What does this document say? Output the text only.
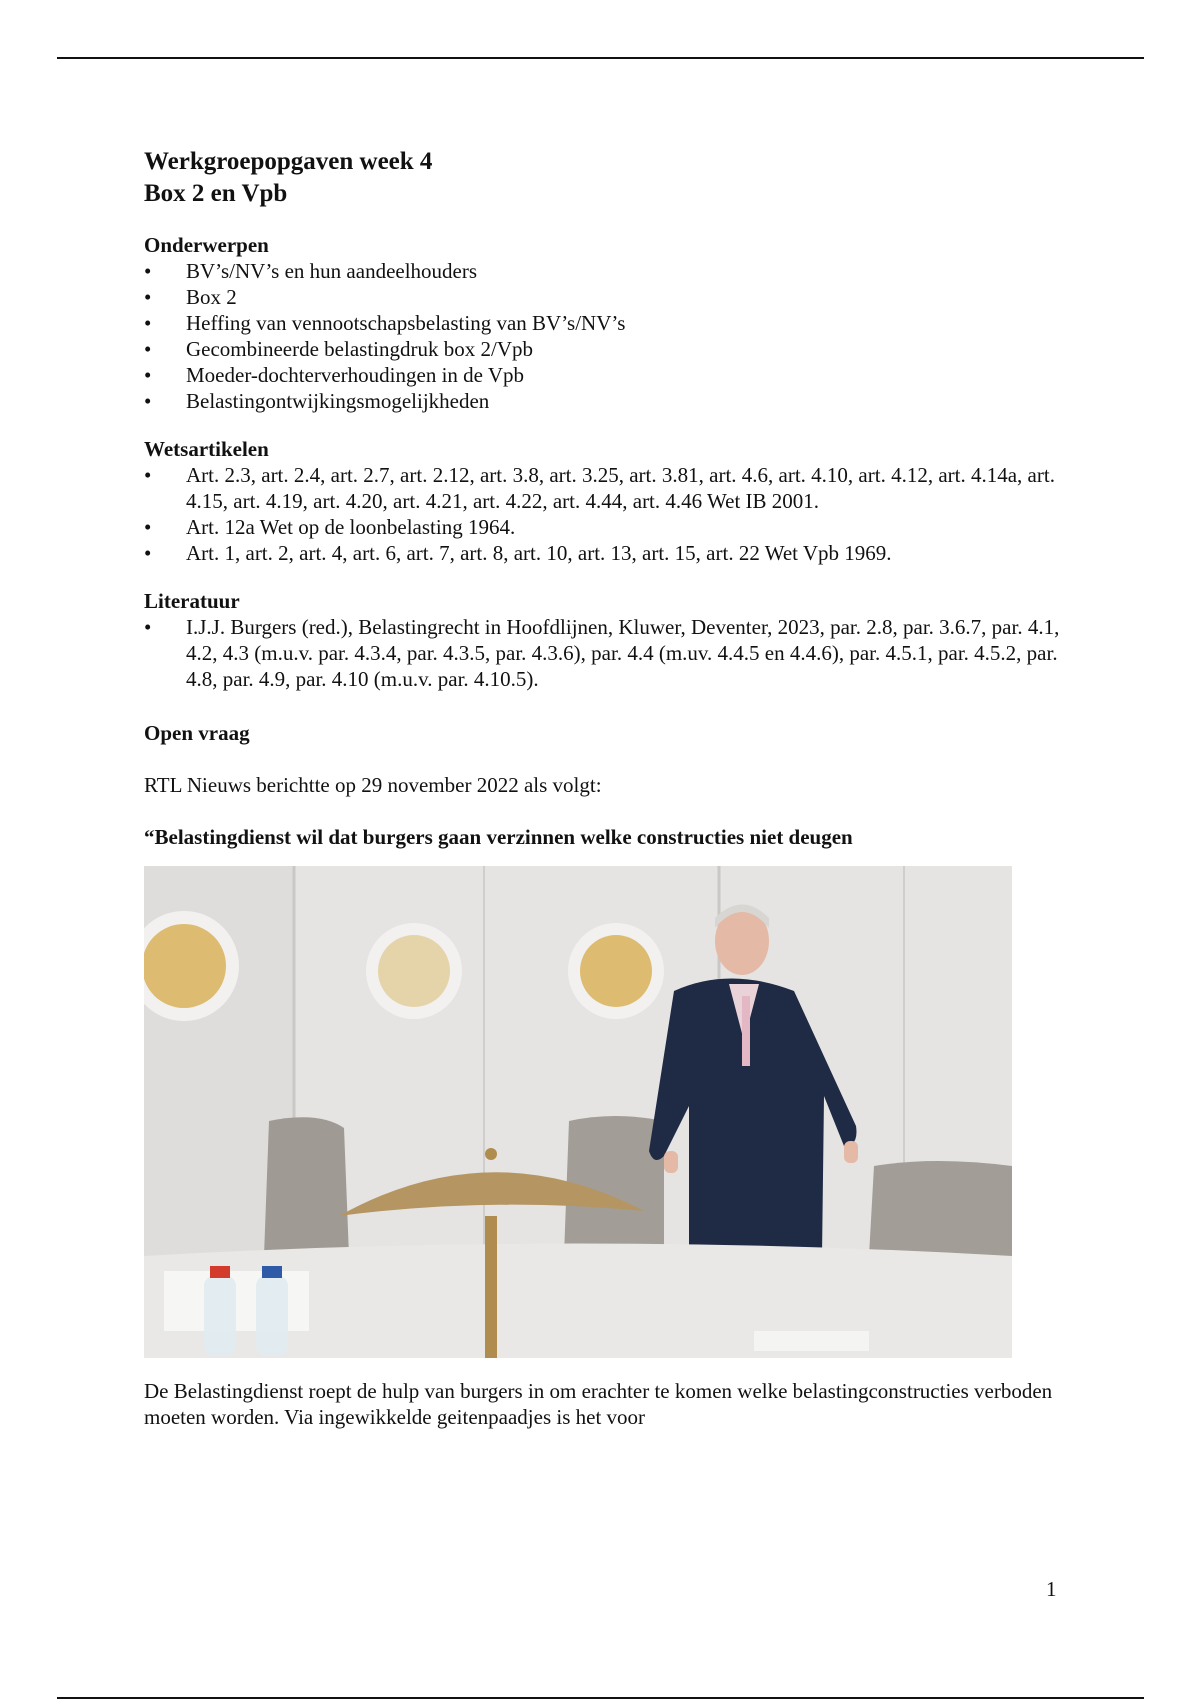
Werkgroepopgaven week 4
Box 2 en Vpb
Onderwerpen
•	BV’s/NV’s en hun aandeelhouders
•	Box 2
•	Heffing van vennootschapsbelasting van BV’s/NV’s
•	Gecombineerde belastingdruk box 2/Vpb
•	Moeder-dochterverhoudingen in de Vpb
•	Belastingontwijkingsmogelijkheden
Wetsartikelen
•	Art. 2.3, art. 2.4, art. 2.7, art. 2.12, art. 3.8, art. 3.25, art. 3.81, art. 4.6, art. 4.10, art. 4.12, art. 4.14a, art. 4.15, art. 4.19, art. 4.20, art. 4.21, art. 4.22, art. 4.44, art. 4.46 Wet IB 2001.
•	Art. 12a Wet op de loonbelasting 1964.
•	Art. 1, art. 2, art. 4, art. 6, art. 7, art. 8, art. 10, art. 13, art. 15, art. 22 Wet Vpb 1969.
Literatuur
•	I.J.J. Burgers (red.), Belastingrecht in Hoofdlijnen, Kluwer, Deventer, 2023, par. 2.8, par. 3.6.7, par. 4.1, 4.2, 4.3 (m.u.v. par. 4.3.4, par. 4.3.5, par. 4.3.6), par. 4.4 (m.uv. 4.4.5 en 4.4.6), par. 4.5.1, par. 4.5.2, par. 4.8, par. 4.9, par. 4.10 (m.u.v. par. 4.10.5).
Open vraag

RTL Nieuws berichtte op 29 november 2022 als volgt:

“Belastingdienst wil dat burgers gaan verzinnen welke constructies niet deugen

De Belastingdienst roept de hulp van burgers in om erachter te komen welke belastingconstructies verboden moeten worden. Via ingewikkelde geitenpaadjes is het voor

1
